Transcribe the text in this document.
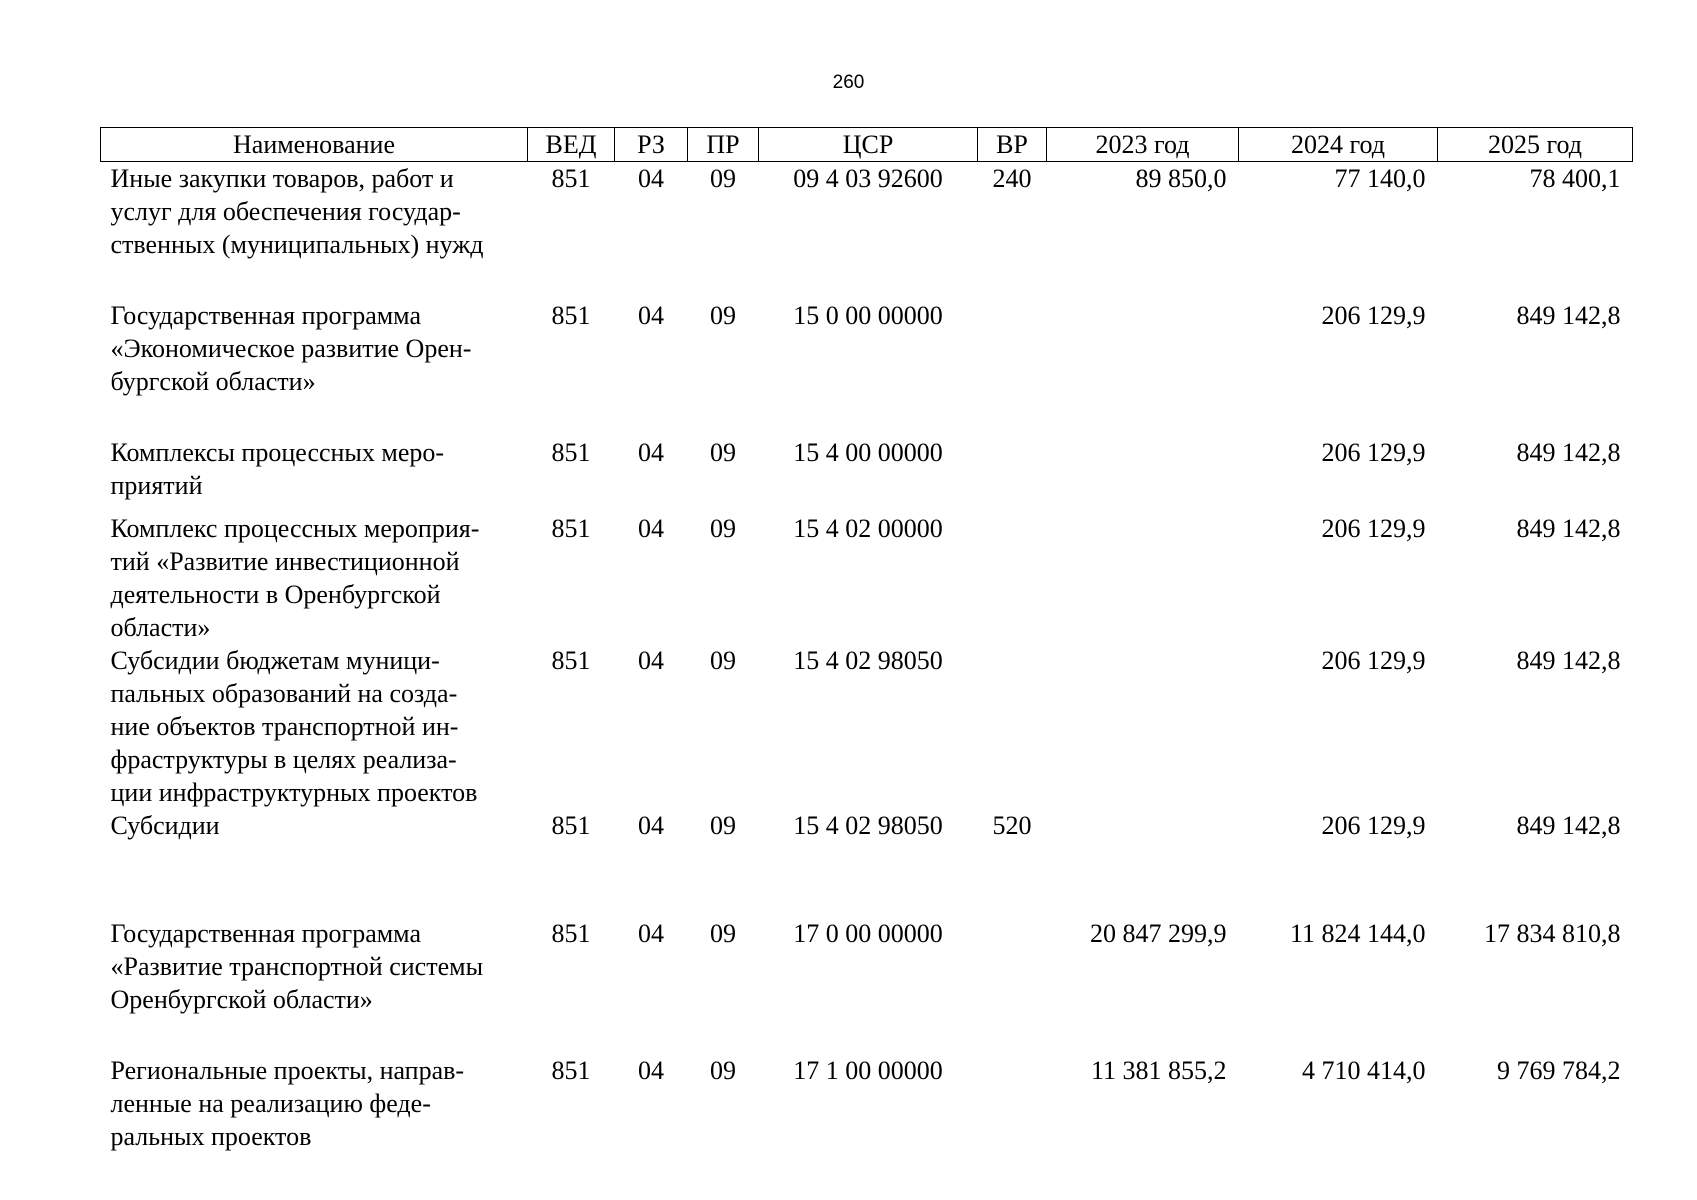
260
Наименование	ВЕД	РЗ	ПР	ЦСР	ВР	2023 год	2024 год	2025 год

Иные закупки товаров, работ и
услуг для обеспечения государ-
ственных (муниципальных) нужд	851	04	09	09 4 03 92600	240	89 850,0	77 140,0	78 400,1

Государственная программа
«Экономическое развитие Орен-
бургской области»	851	04	09	15 0 00 00000			206 129,9	849 142,8

Комплексы процессных меро-
приятий	851	04	09	15 4 00 00000			206 129,9	849 142,8

Комплекс процессных мероприя-
тий «Развитие инвестиционной
деятельности в Оренбургской
области»	851	04	09	15 4 02 00000			206 129,9	849 142,8

Субсидии бюджетам муници-
пальных образований на созда-
ние объектов транспортной ин-
фраструктуры в целях реализа-
ции инфраструктурных проектов	851	04	09	15 4 02 98050			206 129,9	849 142,8

Субсидии	851	04	09	15 4 02 98050	520		206 129,9	849 142,8

Государственная программа
«Развитие транспортной системы
Оренбургской области»	851	04	09	17 0 00 00000		20 847 299,9	11 824 144,0	17 834 810,8

Региональные проекты, направ-
ленные на реализацию феде-
ральных проектов	851	04	09	17 1 00 00000		11 381 855,2	4 710 414,0	9 769 784,2
